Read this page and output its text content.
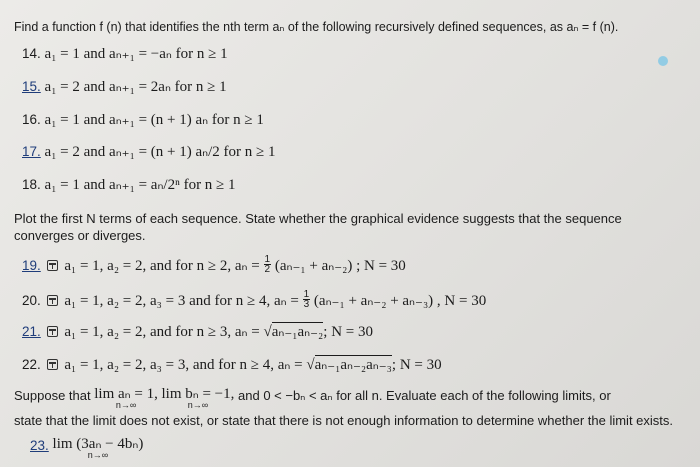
Find a function f (n) that identifies the nth term aₙ of the following recursively defined sequences, as aₙ = f (n).
14. a₁ = 1 and aₙ₊₁ = −aₙ for n ≥ 1
15. a₁ = 2 and aₙ₊₁ = 2aₙ for n ≥ 1
16. a₁ = 1 and aₙ₊₁ = (n + 1) aₙ for n ≥ 1
17. a₁ = 2 and aₙ₊₁ = (n + 1) aₙ/2 for n ≥ 1
18. a₁ = 1 and aₙ₊₁ = aₙ/2ⁿ for n ≥ 1
Plot the first N terms of each sequence. State whether the graphical evidence suggests that the sequence
converges or diverges.
19. a₁ = 1, a₂ = 2, and for n ≥ 2, $a_n = \frac{1}{2} (a_{n-1} + a_{n-2})$ ; N = 30
20. a₁ = 1, a₂ = 2, a₃ = 3 and for n ≥ 4, $a_n = \frac{1}{3} (a_{n-1} + a_{n-2} + a_{n-3})$ , N = 30
21. a₁ = 1, a₂ = 2, and for n ≥ 3, aₙ = √aₙ₋₁aₙ₋₂; N = 30
22. a₁ = 1, a₂ = 2, a₃ = 3, and for n ≥ 4, aₙ = √aₙ₋₁aₙ₋₂aₙ₋₃; N = 30
Suppose that lim aₙ = 1,
n→∞
lim bₙ = −1,
n→∞
and 0 < −bₙ < aₙ for all n. Evaluate each of the following limits, or
state that the limit does not exist, or state that there is not enough information to determine whether the limit exists.
23. lim (3aₙ − 4bₙ)
n→∞
